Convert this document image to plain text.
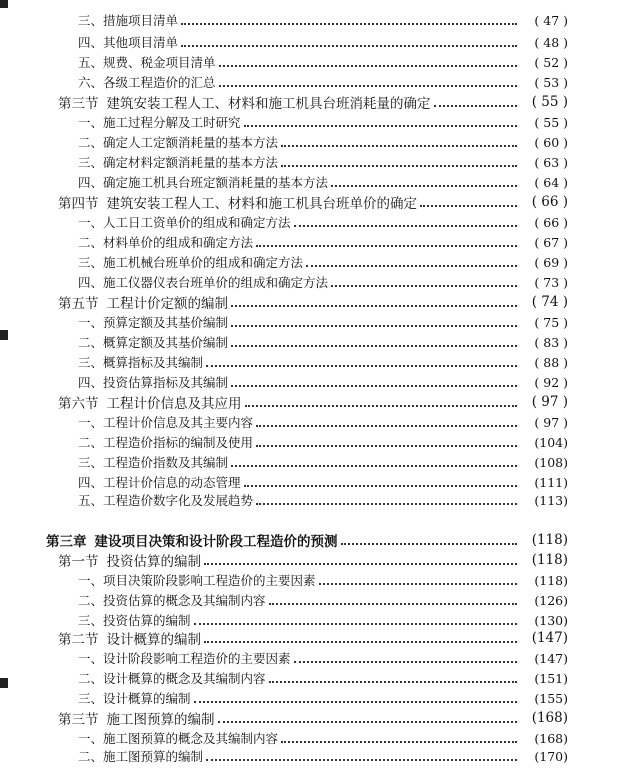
三、措施项目清单	( 47 )
四、其他项目清单	( 48 )
五、规费、税金项目清单	( 52 )
六、各级工程造价的汇总	( 53 )
第三节 建筑安装工程人工、材料和施工机具台班消耗量的确定	( 55 )
一、施工过程分解及工时研究	( 55 )
二、确定人工定额消耗量的基本方法	( 60 )
三、确定材料定额消耗量的基本方法	( 63 )
四、确定施工机具台班定额消耗量的基本方法	( 64 )
第四节 建筑安装工程人工、材料和施工机具台班单价的确定	( 66 )
一、人工日工资单价的组成和确定方法	( 66 )
二、材料单价的组成和确定方法	( 67 )
三、施工机械台班单价的组成和确定方法	( 69 )
四、施工仪器仪表台班单价的组成和确定方法	( 73 )
第五节 工程计价定额的编制	( 74 )
一、预算定额及其基价编制	( 75 )
二、概算定额及其基价编制	( 83 )
三、概算指标及其编制	( 88 )
四、投资估算指标及其编制	( 92 )
第六节 工程计价信息及其应用	( 97 )
一、工程计价信息及其主要内容	( 97 )
二、工程造价指标的编制及使用	(104)
三、工程造价指数及其编制	(108)
四、工程计价信息的动态管理	(111)
五、工程造价数字化及发展趋势	(113)
第三章 建设项目决策和设计阶段工程造价的预测	(118)
第一节 投资估算的编制	(118)
一、项目决策阶段影响工程造价的主要因素	(118)
二、投资估算的概念及其编制内容	(126)
三、投资估算的编制	(130)
第二节 设计概算的编制	(147)
一、设计阶段影响工程造价的主要因素	(147)
二、设计概算的概念及其编制内容	(151)
三、设计概算的编制	(155)
第三节 施工图预算的编制	(168)
一、施工图预算的概念及其编制内容	(168)
二、施工图预算的编制	(170)
